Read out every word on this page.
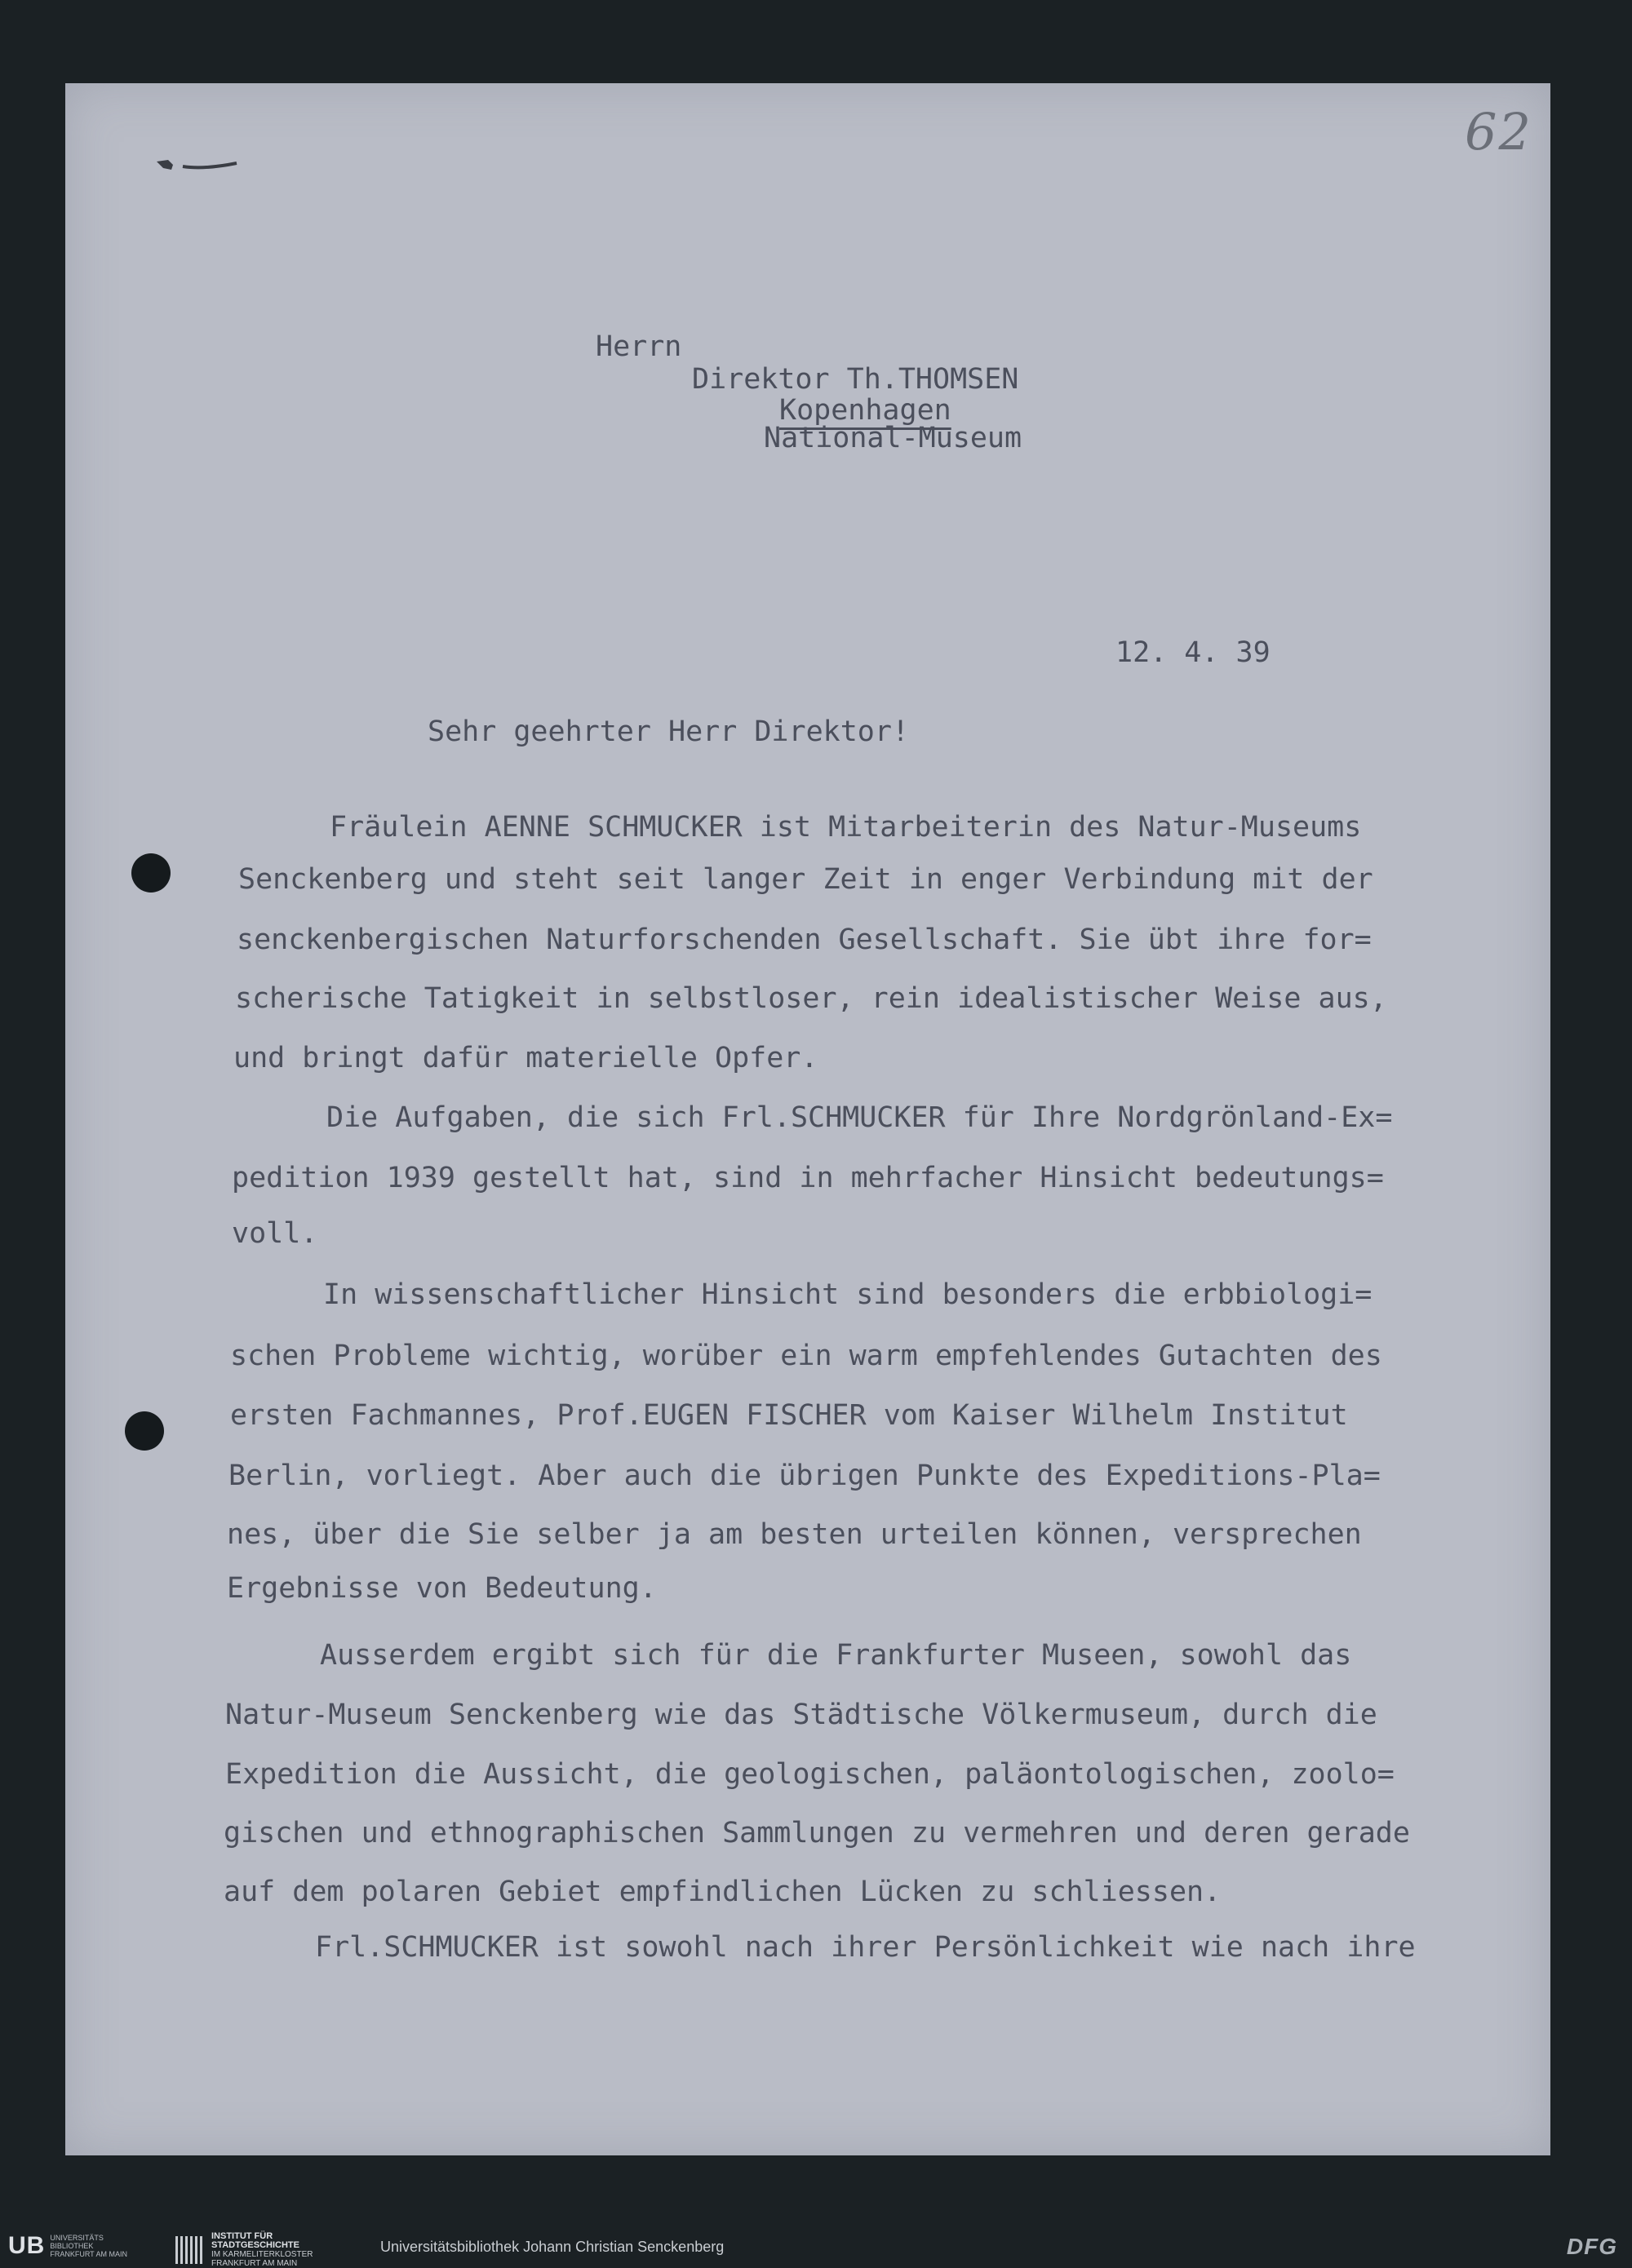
62

Herrn

Direktor Th.THOMSEN

Kopenhagen

National-Museum

12. 4. 39

Sehr geehrter Herr Direktor!

Fräulein AENNE SCHMUCKER ist Mitarbeiterin des Natur-Museums

Senckenberg und steht seit langer Zeit in enger Verbindung mit der

senckenbergischen Naturforschenden Gesellschaft. Sie übt ihre for=

scherische Tatigkeit in selbstloser, rein idealistischer Weise aus,

und bringt dafür materielle Opfer.

Die Aufgaben, die sich Frl.SCHMUCKER für Ihre Nordgrönland-Ex=

pedition 1939 gestellt hat, sind in mehrfacher Hinsicht bedeutungs=

voll.

In wissenschaftlicher Hinsicht sind besonders die erbbiologi=

schen Probleme wichtig, worüber ein warm empfehlendes Gutachten des

ersten Fachmannes, Prof.EUGEN FISCHER vom Kaiser Wilhelm Institut

Berlin, vorliegt. Aber auch die übrigen Punkte des Expeditions-Pla=

nes, über die Sie selber ja am besten urteilen können, versprechen

Ergebnisse von Bedeutung.

Ausserdem ergibt sich für die Frankfurter Museen, sowohl das

Natur-Museum Senckenberg wie das Städtische Völkermuseum, durch die

Expedition die Aussicht, die geologischen, paläontologischen, zoolo=

gischen und ethnographischen Sammlungen zu vermehren und deren gerade

auf dem polaren Gebiet empfindlichen Lücken zu schliessen.

Frl.SCHMUCKER ist sowohl nach ihrer Persönlichkeit wie nach ihre

UB UNIVERSITÄTS
BIBLIOTHEK
FRANKFURT AM MAIN
INSTITUT FÜR
STADTGESCHICHTE
IM KARMELITERKLOSTER
FRANKFURT AM MAIN
Universitätsbibliothek Johann Christian Senckenberg	DFG
